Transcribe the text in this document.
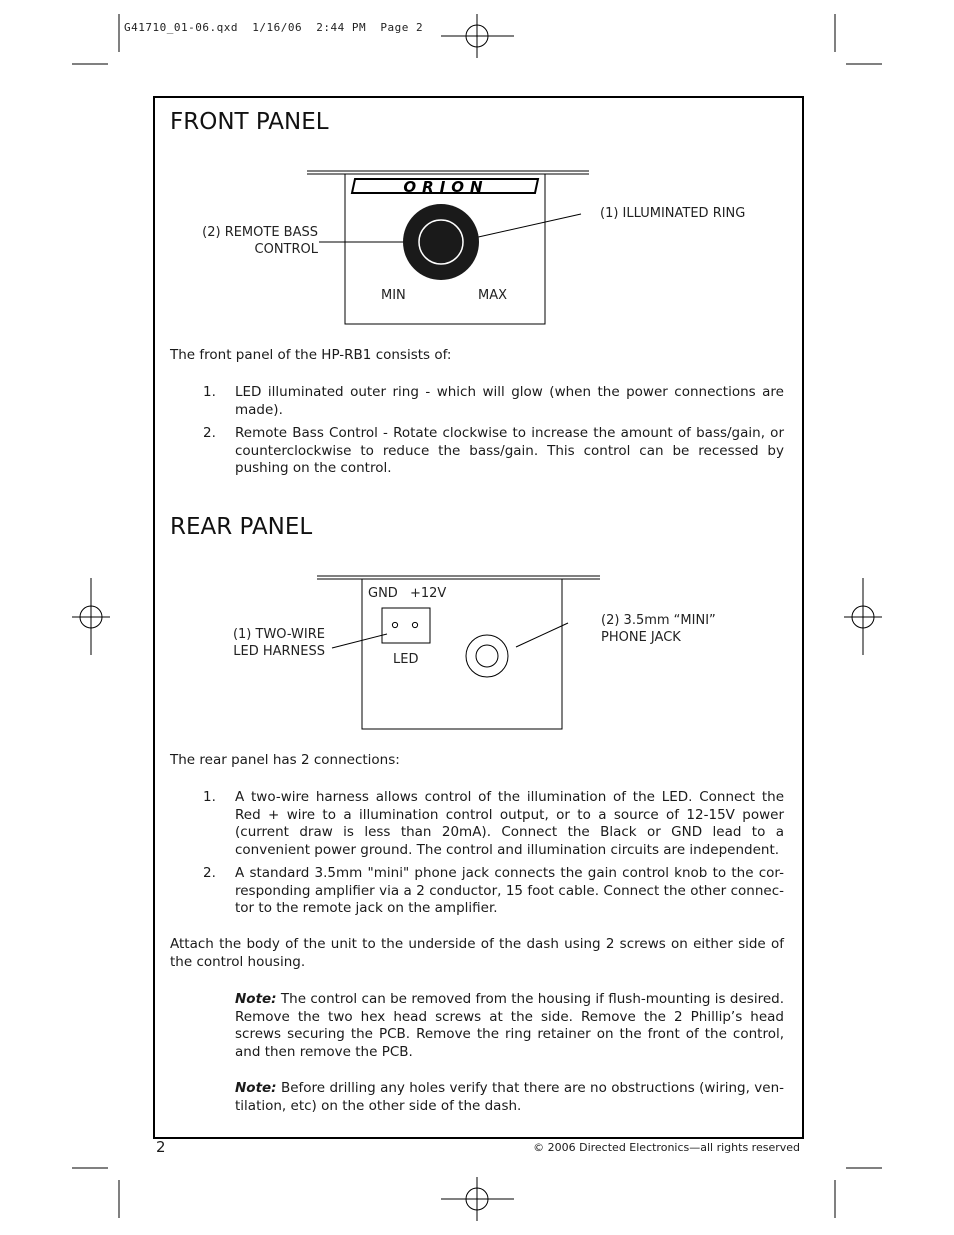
G41710_01-06.qxd  1/16/06  2:44 PM  Page 2
FRONT PANEL
ORION
(2) REMOTE BASS
CONTROL
(1) ILLUMINATED RING
MIN	MAX
The front panel of the HP-RB1 consists of:
1. LED illuminated outer ring - which will glow (when the power connections are made).
2. Remote Bass Control - Rotate clockwise to increase the amount of bass/gain, or counterclockwise to reduce the bass/gain. This control can be recessed by pushing on the control.
REAR PANEL
GND +12V
LED
(1) TWO-WIRE
LED HARNESS
(2) 3.5mm “MINI”
PHONE JACK
The rear panel has 2 connections:
1. A two-wire harness allows control of the illumination of the LED. Connect the Red + wire to a illumination control output, or to a source of 12-15V power (current draw is less than 20mA). Connect the Black or GND lead to a convenient power ground. The control and illumination circuits are independent.
2. A standard 3.5mm "mini" phone jack connects the gain control knob to the cor-responding amplifier via a 2 conductor, 15 foot cable. Connect the other connec-tor to the remote jack on the amplifier.
Attach the body of the unit to the underside of the dash using 2 screws on either side of the control housing.
Note: The control can be removed from the housing if flush-mounting is desired. Remove the two hex head screws at the side. Remove the 2 Phillip’s head screws securing the PCB. Remove the ring retainer on the front of the control, and then remove the PCB.
Note: Before drilling any holes verify that there are no obstructions (wiring, ven-tilation, etc) on the other side of the dash.
2	© 2006 Directed Electronics—all rights reserved
